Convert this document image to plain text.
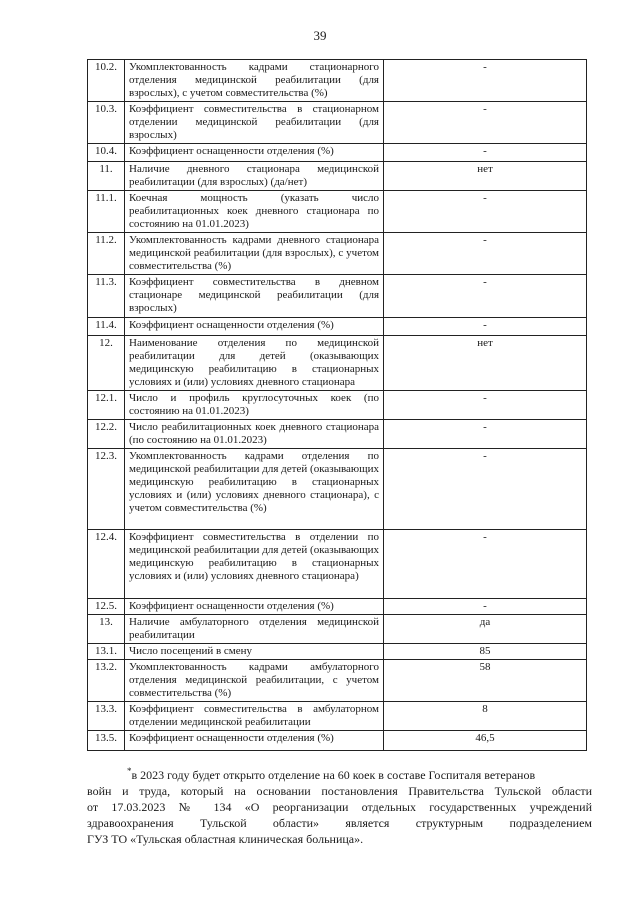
39
10.2.	Укомплектованность кадрами стационарного отделения медицинской реабилитации (для взрослых), с учетом совместительства (%)	-
10.3.	Коэффициент совместительства в стационарном отделении медицинской реабилитации (для взрослых)	-
10.4.	Коэффициент оснащенности отделения (%)	-
11.	Наличие дневного стационара медицинской реабилитации (для взрослых) (да/нет)	нет
11.1.	Коечная мощность (указать число реабилитационных коек дневного стационара по состоянию на 01.01.2023)	-
11.2.	Укомплектованность кадрами дневного стационара медицинской реабилитации (для взрослых), с учетом совместительства (%)	-
11.3.	Коэффициент совместительства в дневном стационаре медицинской реабилитации (для взрослых)	-
11.4.	Коэффициент оснащенности отделения (%)	-
12.	Наименование отделения по медицинской реабилитации для детей (оказывающих медицинскую реабилитацию в стационарных условиях и (или) условиях дневного стационара	нет
12.1.	Число и профиль круглосуточных коек (по состоянию на 01.01.2023)	-
12.2.	Число реабилитационных коек дневного стационара (по состоянию на 01.01.2023)	-
12.3.	Укомплектованность кадрами отделения по медицинской реабилитации для детей (оказывающих медицинскую реабилитацию в стационарных условиях и (или) условиях дневного стационара), с учетом совместительства (%)	-
12.4.	Коэффициент совместительства в отделении по медицинской реабилитации для детей (оказывающих медицинскую реабилитацию в стационарных условиях и (или) условиях дневного стационара)	-
12.5.	Коэффициент оснащенности отделения (%)	-
13.	Наличие амбулаторного отделения медицинской реабилитации	да
13.1.	Число посещений в смену	85
13.2.	Укомплектованность кадрами амбулаторного отделения медицинской реабилитации, с учетом совместительства (%)	58
13.3.	Коэффициент совместительства в амбулаторном отделении медицинской реабилитации	8
13.5.	Коэффициент оснащенности отделения (%)	46,5
*в 2023 году будет открыто отделение на 60 коек в составе Госпиталя ветеранов
войн и труда, который на основании постановления Правительства Тульской области
от 17.03.2023 № 134 «О реорганизации отдельных государственных учреждений
здравоохранения Тульской области» является структурным подразделением
ГУЗ ТО «Тульская областная клиническая больница».
